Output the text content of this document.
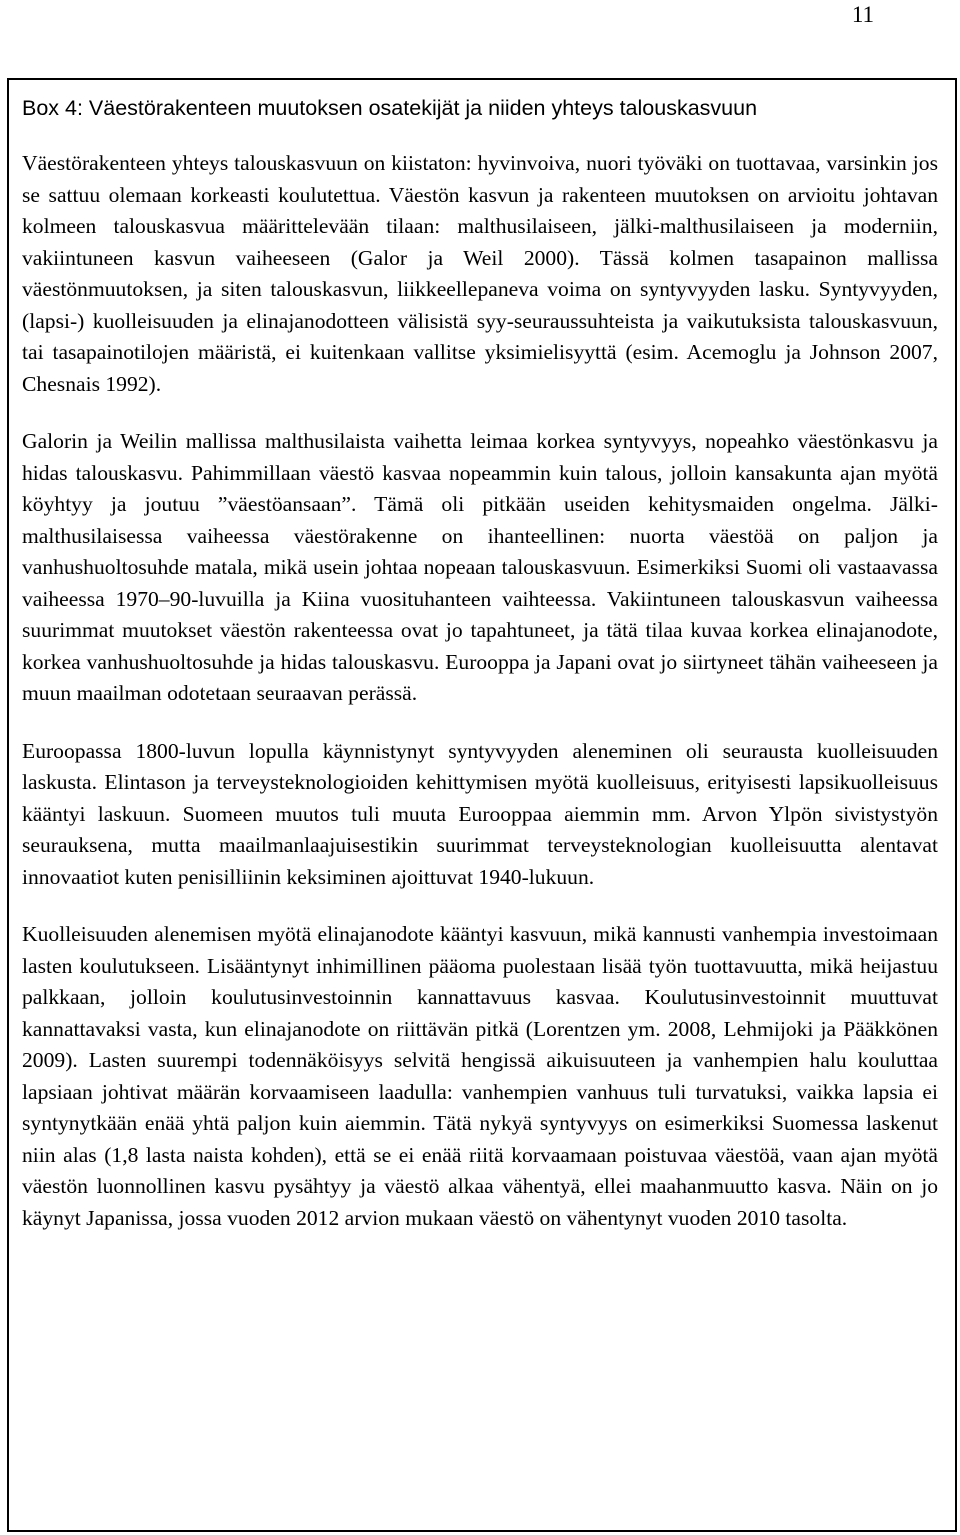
11
Box 4: Väestörakenteen muutoksen osatekijät ja niiden yhteys talouskasvuun

Väestörakenteen yhteys talouskasvuun on kiistaton: hyvinvoiva, nuori työväki on tuottavaa, varsinkin jos se sattuu olemaan korkeasti koulutettua. Väestön kasvun ja rakenteen muutoksen on arvioitu johtavan kolmeen talouskasvua määrittelevään tilaan: malthusilaiseen, jälki-malthusilaiseen ja moderniin, vakiintuneen kasvun vaiheeseen (Galor ja Weil 2000). Tässä kolmen tasapainon mallissa väestönmuutoksen, ja siten talouskasvun, liikkeellepaneva voima on syntyvyyden lasku. Syntyvyyden, (lapsi-) kuolleisuuden ja elinajanodotteen välisistä syy-seuraussuhteista ja vaikutuksista talouskasvuun, tai tasapainotilojen määristä, ei kuitenkaan vallitse yksimielisyyttä (esim. Acemoglu ja Johnson 2007, Chesnais 1992).

Galorin ja Weilin mallissa malthusilaista vaihetta leimaa korkea syntyvyys, nopeahko väestönkasvu ja hidas talouskasvu. Pahimmillaan väestö kasvaa nopeammin kuin talous, jolloin kansakunta ajan myötä köyhtyy ja joutuu ”väestöansaan”. Tämä oli pitkään useiden kehitysmaiden ongelma. Jälki-malthusilaisessa vaiheessa väestörakenne on ihanteellinen: nuorta väestöä on paljon ja vanhushuoltosuhde matala, mikä usein johtaa nopeaan talouskasvuun. Esimerkiksi Suomi oli vastaavassa vaiheessa 1970–90-luvuilla ja Kiina vuosituhanteen vaihteessa. Vakiintuneen talouskasvun vaiheessa suurimmat muutokset väestön rakenteessa ovat jo tapahtuneet, ja tätä tilaa kuvaa korkea elinajanodote, korkea vanhushuoltosuhde ja hidas talouskasvu. Eurooppa ja Japani ovat jo siirtyneet tähän vaiheeseen ja muun maailman odotetaan seuraavan perässä.

Euroopassa 1800-luvun lopulla käynnistynyt syntyvyyden aleneminen oli seurausta kuolleisuuden laskusta. Elintason ja terveysteknologioiden kehittymisen myötä kuolleisuus, erityisesti lapsikuolleisuus kääntyi laskuun. Suomeen muutos tuli muuta Eurooppaa aiemmin mm. Arvon Ylpön sivistystyön seurauksena, mutta maailmanlaajuisestikin suurimmat terveysteknologian kuolleisuutta alentavat innovaatiot kuten penisilliinin keksiminen ajoittuvat 1940-lukuun.

Kuolleisuuden alenemisen myötä elinajanodote kääntyi kasvuun, mikä kannusti vanhempia investoimaan lasten koulutukseen. Lisääntynyt inhimillinen pääoma puolestaan lisää työn tuottavuutta, mikä heijastuu palkkaan, jolloin koulutusinvestoinnin kannattavuus kasvaa. Koulutusinvestoinnit muuttuvat kannattavaksi vasta, kun elinajanodote on riittävän pitkä (Lorentzen ym. 2008, Lehmijoki ja Pääkkönen 2009). Lasten suurempi todennäköisyys selvitä hengissä aikuisuuteen ja vanhempien halu kouluttaa lapsiaan johtivat määrän korvaamiseen laadulla: vanhempien vanhuus tuli turvatuksi, vaikka lapsia ei syntynytkään enää yhtä paljon kuin aiemmin. Tätä nykyä syntyvyys on esimerkiksi Suomessa laskenut niin alas (1,8 lasta naista kohden), että se ei enää riitä korvaamaan poistuvaa väestöä, vaan ajan myötä väestön luonnollinen kasvu pysähtyy ja väestö alkaa vähentyä, ellei maahanmuutto kasva. Näin on jo käynyt Japanissa, jossa vuoden 2012 arvion mukaan väestö on vähentynyt vuoden 2010 tasolta.
